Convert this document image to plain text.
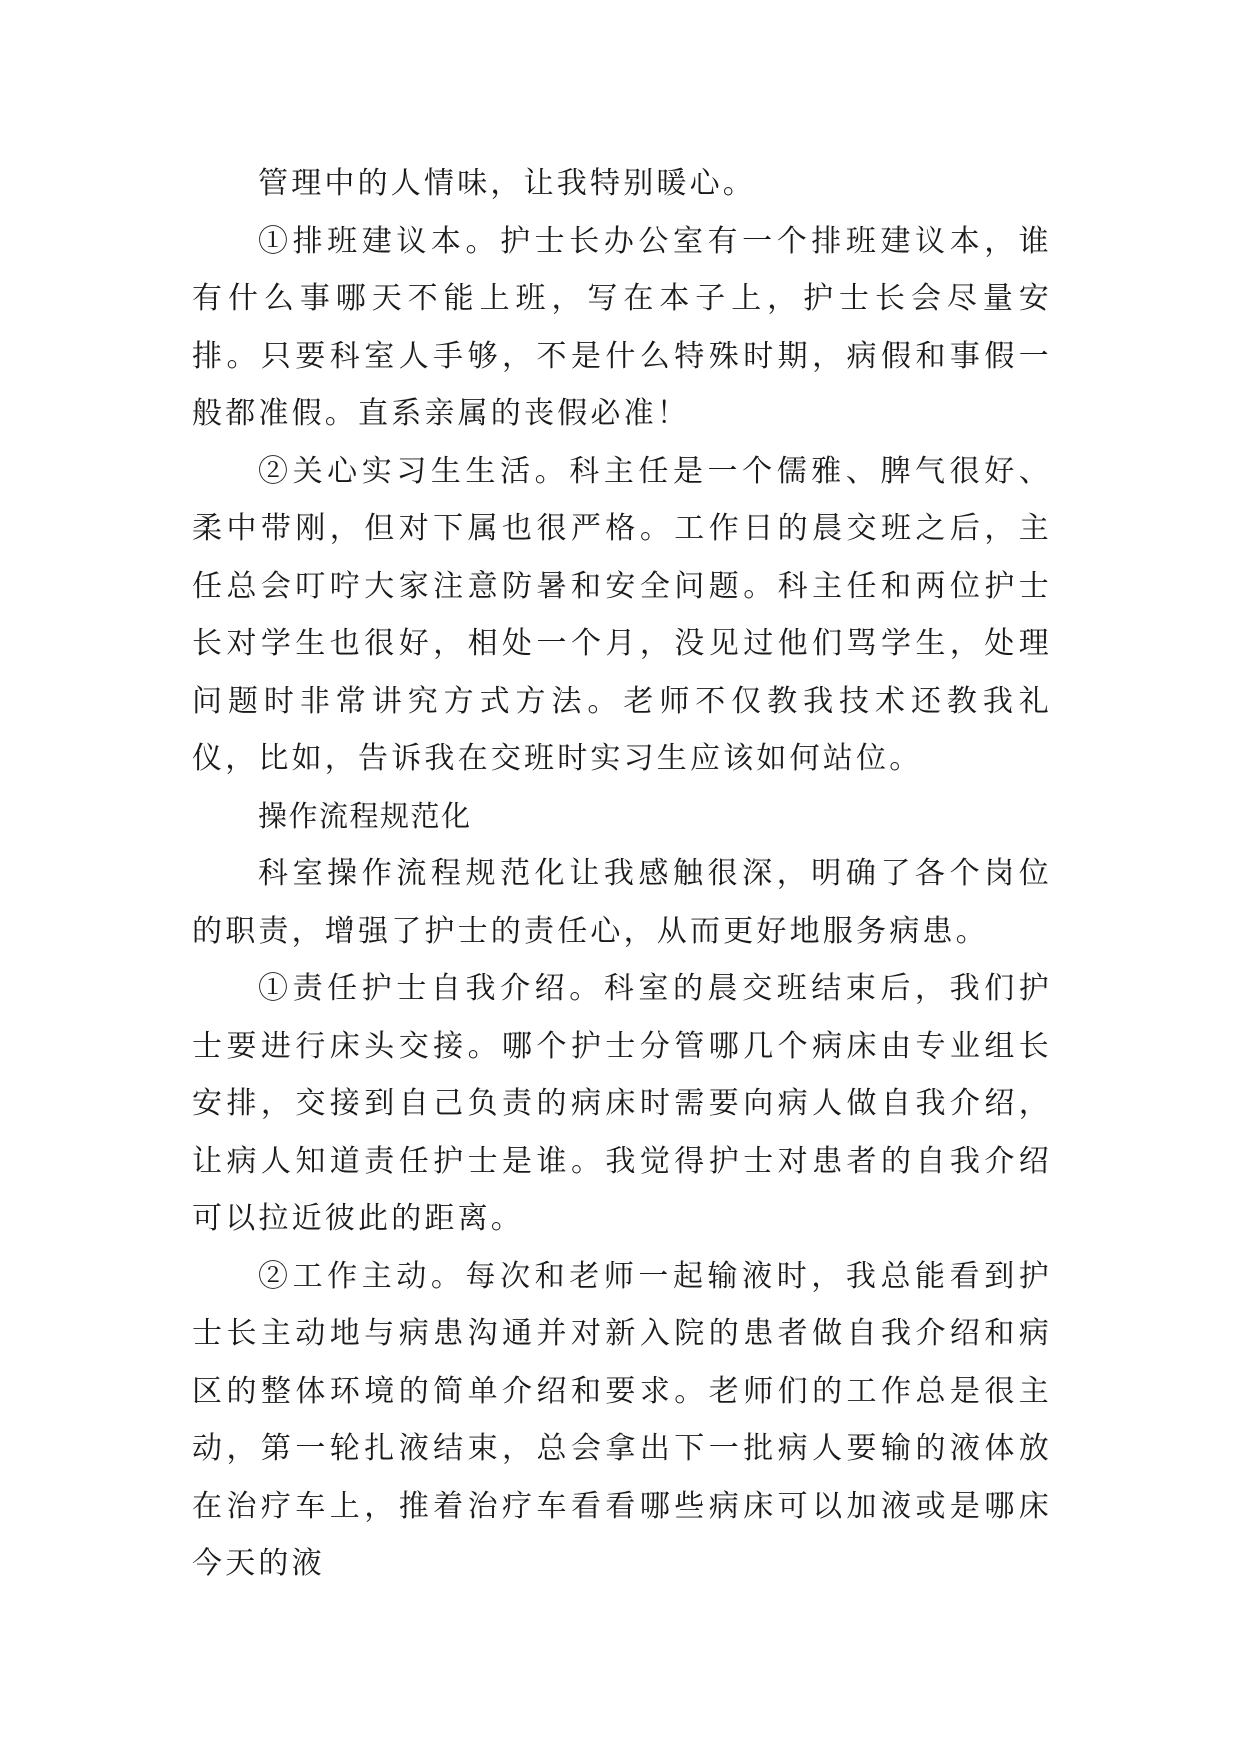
管理中的人情味，让我特别暖心。

①排班建议本。护士长办公室有一个排班建议本，谁有什么事哪天不能上班，写在本子上，护士长会尽量安排。只要科室人手够，不是什么特殊时期，病假和事假一般都准假。直系亲属的丧假必准！

②关心实习生生活。科主任是一个儒雅、脾气很好、柔中带刚，但对下属也很严格。工作日的晨交班之后，主任总会叮咛大家注意防暑和安全问题。科主任和两位护士长对学生也很好，相处一个月，没见过他们骂学生，处理问题时非常讲究方式方法。老师不仅教我技术还教我礼仪，比如，告诉我在交班时实习生应该如何站位。

操作流程规范化

科室操作流程规范化让我感触很深，明确了各个岗位的职责，增强了护士的责任心，从而更好地服务病患。

①责任护士自我介绍。科室的晨交班结束后，我们护士要进行床头交接。哪个护士分管哪几个病床由专业组长安排，交接到自己负责的病床时需要向病人做自我介绍，让病人知道责任护士是谁。我觉得护士对患者的自我介绍可以拉近彼此的距离。

②工作主动。每次和老师一起输液时，我总能看到护士长主动地与病患沟通并对新入院的患者做自我介绍和病区的整体环境的简单介绍和要求。老师们的工作总是很主动，第一轮扎液结束，总会拿出下一批病人要输的液体放在治疗车上，推着治疗车看看哪些病床可以加液或是哪床今天的液
